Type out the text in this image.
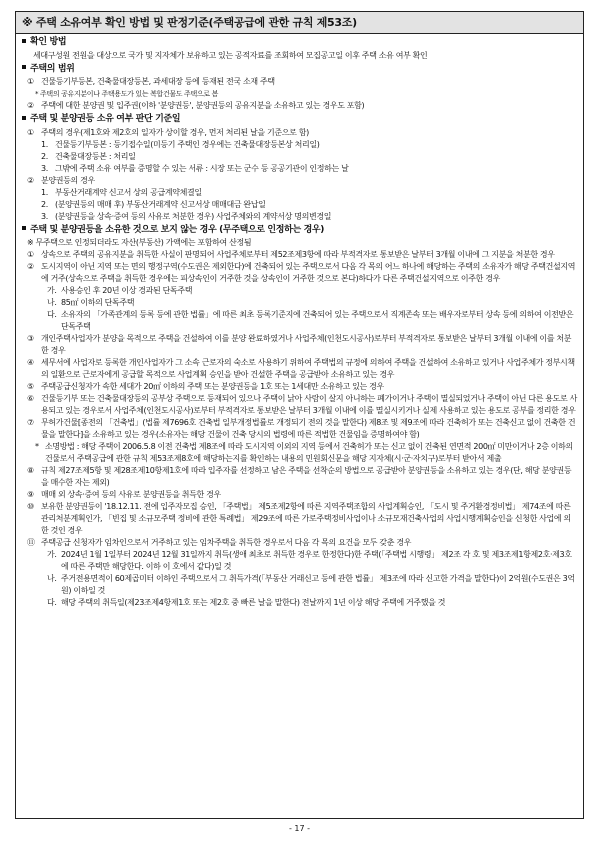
※ 주택 소유여부 확인 방법 및 판정기준(주택공급에 관한 규칙 제53조)
확인 방법
세대구성원 전원을 대상으로 국가 및 지자체가 보유하고 있는 공적자료를 조회하여 모집공고일 이후 주택 소유 여부 확인
주택의 범위
① 건물등기부등본, 건축물대장등본, 과세대장 등에 등재된 전국 소재 주택
* 주택의 공유지분이나 주택용도가 있는 복합건물도 주택으로 봄
② 주택에 대한 분양권 및 입주권(이하 '분양권등', 분양권등의 공유지분을 소유하고 있는 경우도 포함)
주택 및 분양권등 소유 여부 판단 기준일
① 주택의 경우(제1호와 제2호의 일자가 상이할 경우, 먼저 처리된 날을 기준으로 함)
1. 건물등기부등본 : 등기접수일(미등기 주택인 경우에는 건축물대장등본상 처리일)
2. 건축물대장등본 : 처리일
3. 그밖에 주택 소유 여부를 증명할 수 있는 서류 : 시장 또는 군수 등 공공기관이 인정하는 날
② 분양권등의 경우
1. 부동산거래계약 신고서 상의 공급계약체결일
2. (분양권등의 매매 후) 부동산거래계약 신고서상 매매대금 완납일
3. (분양권등을 상속·증여 등의 사유로 처분한 경우) 사업주체와의 계약서상 명의변경일
주택 및 분양권등을 소유한 것으로 보지 않는 경우 (무주택으로 인정하는 경우)
※ 무주택으로 인정되더라도 자산(부동산) 가액에는 포함하여 산정됨
① 상속으로 주택의 공유지분을 취득한 사실이 판명되어 사업주체로부터 제52조제3항에 따라 부적격자로 통보받은 날부터 3개월 이내에 그 지분을 처분한 경우
② 도시지역이 아닌 지역 또는 면의 행정구역(수도권은 제외한다)에 건축되어 있는 주택으로서 다음 각 목의 어느 하나에 해당하는 주택의 소유자가 해당 주택건설지역에 거주(상속으로 주택을 취득한 경우에는 피상속인이 거주한 것을 상속인이 거주한 것으로 본다)하다가 다른 주택건설지역으로 이주한 경우
가. 사용승인 후 20년 이상 경과된 단독주택
나. 85㎡ 이하의 단독주택
다. 소유자의 「가족관계의 등록 등에 관한 법률」에 따른 최초 등록기준지에 건축되어 있는 주택으로서 직계존속 또는 배우자로부터 상속 등에 의하여 이전받은 단독주택
③ 개인주택사업자가 분양을 목적으로 주택을 건설하여 이를 분양 완료하였거나 사업주체(인천도시공사)로부터 부적격자로 통보받은 날부터 3개월 이내에 이를 처분한 경우
④ 세무서에 사업자로 등록한 개인사업자가 그 소속 근로자의 숙소로 사용하기 위하여 주택법의 규정에 의하여 주택을 건설하여 소유하고 있거나 사업주체가 정부시책의 일환으로 근로자에게 공급할 목적으로 사업계획 승인을 받아 건설한 주택을 공급받아 소유하고 있는 경우
⑤ 주택공급신청자가 속한 세대가 20㎡ 이하의 주택 또는 분양권등을 1호 또는 1세대만 소유하고 있는 경우
⑥ 건물등기부 또는 건축물대장등의 공부상 주택으로 등재되어 있으나 주택이 낡아 사람이 살지 아니하는 폐가이거나 주택이 멸실되었거나 주택이 아닌 다른 용도로 사용되고 있는 경우로서 사업주체(인천도시공사)로부터 부적격자로 통보받은 날부터 3개월 이내에 이를 멸실시키거나 실제 사용하고 있는 용도로 공부를 정리한 경우
⑦ 무허가건물[종전의 「건축법」(법률 제7696호 건축법 일부개정법률로 개정되기 전의 것을 말한다) 제8조 및 제9조에 따라 건축허가 또는 건축신고 없이 건축한 건물을 말한다]을 소유하고 있는 경우(소유자는 해당 건물이 건축 당시의 법령에 따른 적법한 건물임을 증명하여야 함)
* 소명방법 : 해당 주택이 2006.5.8 이전 건축법 제8조에 따라 도시지역 이외의 지역 등에서 건축허가 또는 신고 없이 건축된 연면적 200㎡ 미만이거나 2층 이하의 건물로서 주택공급에 관한 규칙 제53조제8호에 해당하는지를 확인하는 내용의 민원회신문을 해당 지자체(시·군·자치구)로부터 받아서 제출
⑧ 규칙 제27조제5항 및 제28조제10항제1호에 따라 입주자를 선정하고 남은 주택을 선착순의 방법으로 공급받아 분양권등을 소유하고 있는 경우(단, 해당 분양권등을 매수한 자는 제외)
⑨ 매매 외 상속·증여 등의 사유로 분양권등을 취득한 경우
⑩ 보유한 분양권등이 '18.12.11. 전에 입주자모집 승인, 「주택법」 제5조제2항에 따른 지역주택조합의 사업계획승인, 「도시 및 주거환경정비법」 제74조에 따른 관리처분계획인가, 「빈집 및 소규모주택 정비에 관한 특례법」 제29조에 따른 가로주택정비사업이나 소규모재건축사업의 사업시행계획승인을 신청한 사업에 의한 것인 경우
⑪ 주택공급 신청자가 임차인으로서 거주하고 있는 임차주택을 취득한 경우로서 다음 각 목의 요건을 모두 갖춘 경우
가. 2024년 1월 1일부터 2024년 12월 31일까지 취득(생애 최초로 취득한 경우로 한정한다)한 주택(「주택법 시행령」 제2조 각 호 및 제3조제1항제2호·제3호에 따른 주택만 해당한다. 이하 이 호에서 같다)일 것
나. 주거전용면적이 60제곱미터 이하인 주택으로서 그 취득가격(「부동산 거래신고 등에 관한 법률」 제3조에 따라 신고한 가격을 말한다)이 2억원(수도권은 3억원) 이하일 것
다. 해당 주택의 취득일(제23조제4항제1호 또는 제2호 중 빠른 날을 말한다) 전날까지 1년 이상 해당 주택에 거주했을 것
- 17 -
